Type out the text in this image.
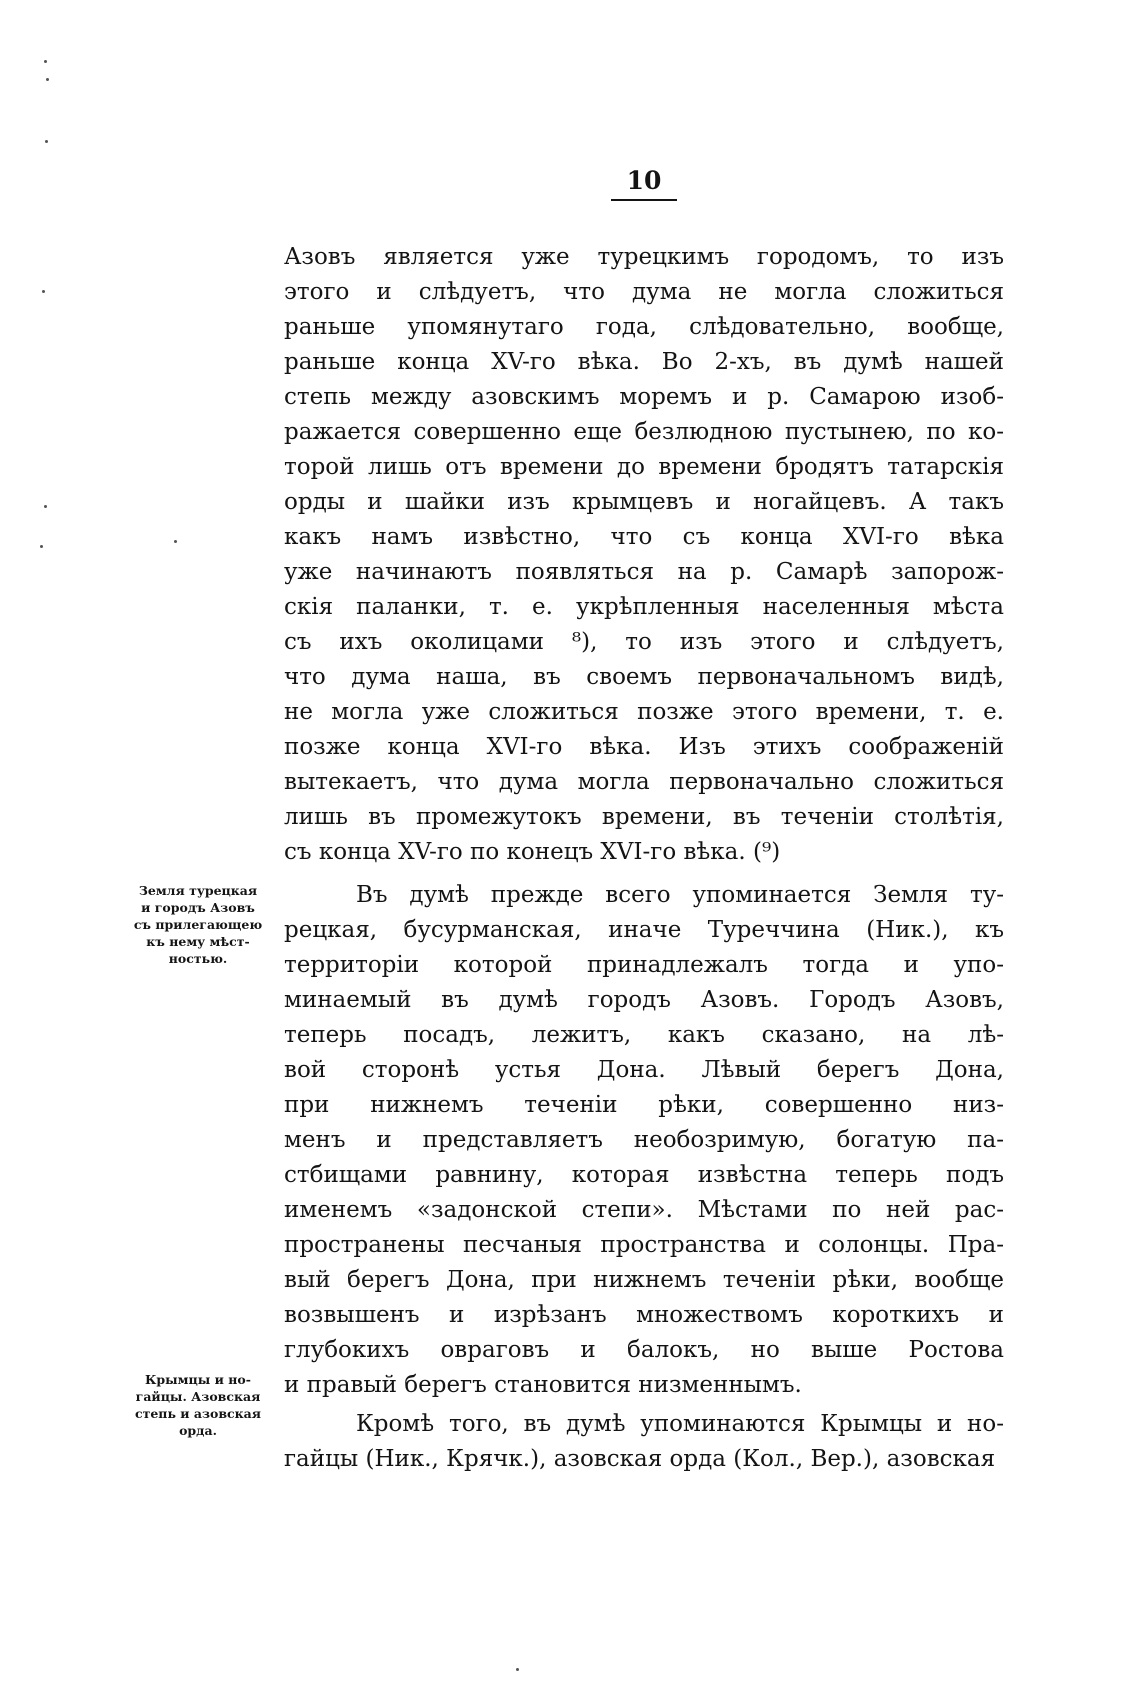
10
Азовъ является уже турецкимъ городомъ, то изъ
этого и слѣдуетъ, что дума не могла сложиться
раньше упомянутаго года, слѣдовательно, вообще,
раньше конца XV-го вѣка. Во 2-хъ, въ думѣ нашей
степь между азовскимъ моремъ и р. Самарою изоб-
ражается совершенно еще безлюдною пустынею, по ко-
торой лишь отъ времени до времени бродятъ татарскія
орды и шайки изъ крымцевъ и ногайцевъ. А такъ
какъ намъ извѣстно, что съ конца XVI-го вѣка
уже начинаютъ появляться на р. Самарѣ запорож-
скія паланки, т. е. укрѣпленныя населенныя мѣста
съ ихъ околицами ⁸), то изъ этого и слѣдуетъ,
что дума наша, въ своемъ первоначальномъ видѣ,
не могла уже сложиться позже этого времени, т. е.
позже конца XVI-го вѣка. Изъ этихъ соображеній
вытекаетъ, что дума могла первоначально сложиться
лишь въ промежутокъ времени, въ теченіи столѣтія,
съ конца XV-го по конецъ XVI-го вѣка. (⁹)
Въ думѣ прежде всего упоминается Земля ту-
рецкая, бусурманская, иначе Туреччина (Ник.), къ
территоріи которой принадлежалъ тогда и упо-
минаемый въ думѣ городъ Азовъ. Городъ Азовъ,
теперь посадъ, лежитъ, какъ сказано, на лѣ-
вой сторонѣ устья Дона. Лѣвый берегъ Дона,
при нижнемъ теченіи рѣки, совершенно низ-
менъ и представляетъ необозримую, богатую па-
стбищами равнину, которая извѣстна теперь подъ
именемъ «задонской степи». Мѣстами по ней рас-
пространены песчаныя пространства и солонцы. Пра-
вый берегъ Дона, при нижнемъ теченіи рѣки, вообще
возвышенъ и изрѣзанъ множествомъ короткихъ и
глубокихъ овраговъ и балокъ, но выше Ростова
и правый берегъ становится низменнымъ.
Кромѣ того, въ думѣ упоминаются Крымцы и но-
гайцы (Ник., Крячк.), азовская орда (Кол., Вер.), азовская
Земля турецкая
и городъ Азовъ
съ прилегающею
къ нему мѣст-
ностью.
Крымцы и но-
гайцы. Азовская
степь и азовская
орда.
